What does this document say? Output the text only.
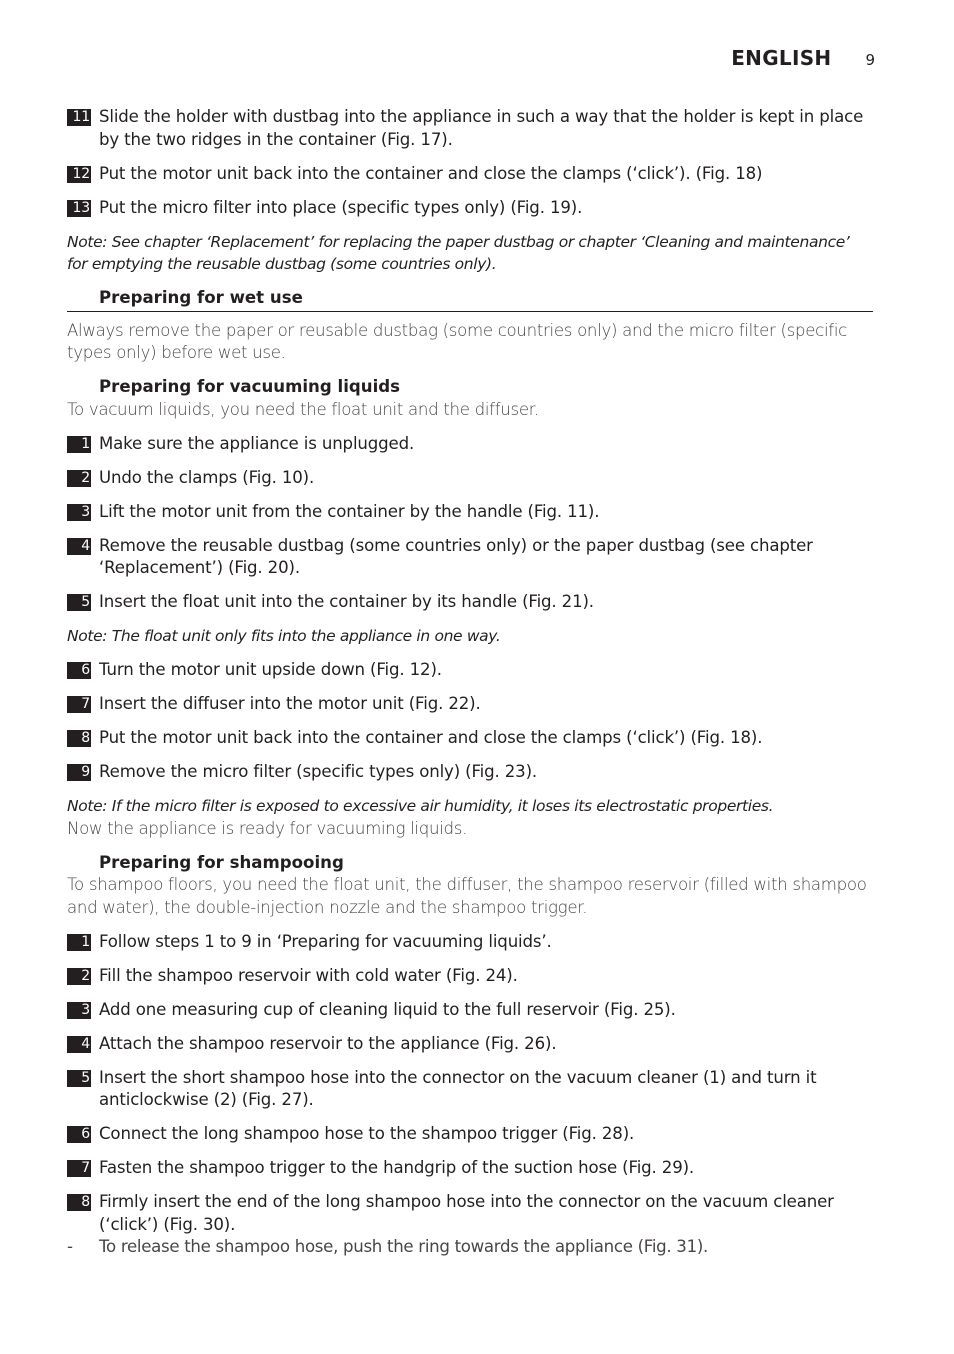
ENGLISH 9
11 Slide the holder with dustbag into the appliance in such a way that the holder is kept in place by the two ridges in the container (Fig. 17).
12 Put the motor unit back into the container and close the clamps (‘click’). (Fig. 18)
13 Put the micro filter into place (specific types only) (Fig. 19).
Note: See chapter ‘Replacement’ for replacing the paper dustbag or chapter ‘Cleaning and maintenance’ for emptying the reusable dustbag (some countries only).
Preparing for wet use
Always remove the paper or reusable dustbag (some countries only) and the micro filter (specific types only) before wet use.
Preparing for vacuuming liquids
To vacuum liquids, you need the float unit and the diffuser.
1 Make sure the appliance is unplugged.
2 Undo the clamps (Fig. 10).
3 Lift the motor unit from the container by the handle (Fig. 11).
4 Remove the reusable dustbag (some countries only) or the paper dustbag (see chapter ‘Replacement’) (Fig. 20).
5 Insert the float unit into the container by its handle (Fig. 21).
Note: The float unit only fits into the appliance in one way.
6 Turn the motor unit upside down (Fig. 12).
7 Insert the diffuser into the motor unit (Fig. 22).
8 Put the motor unit back into the container and close the clamps (‘click’) (Fig. 18).
9 Remove the micro filter (specific types only) (Fig. 23).
Note: If the micro filter is exposed to excessive air humidity, it loses its electrostatic properties.
Now the appliance is ready for vacuuming liquids.
Preparing for shampooing
To shampoo floors, you need the float unit, the diffuser, the shampoo reservoir (filled with shampoo and water), the double-injection nozzle and the shampoo trigger.
1 Follow steps 1 to 9 in ‘Preparing for vacuuming liquids’.
2 Fill the shampoo reservoir with cold water (Fig. 24).
3 Add one measuring cup of cleaning liquid to the full reservoir (Fig. 25).
4 Attach the shampoo reservoir to the appliance (Fig. 26).
5 Insert the short shampoo hose into the connector on the vacuum cleaner (1) and turn it anticlockwise (2) (Fig. 27).
6 Connect the long shampoo hose to the shampoo trigger (Fig. 28).
7 Fasten the shampoo trigger to the handgrip of the suction hose (Fig. 29).
8 Firmly insert the end of the long shampoo hose into the connector on the vacuum cleaner (‘click’) (Fig. 30).
- To release the shampoo hose, push the ring towards the appliance (Fig. 31).
